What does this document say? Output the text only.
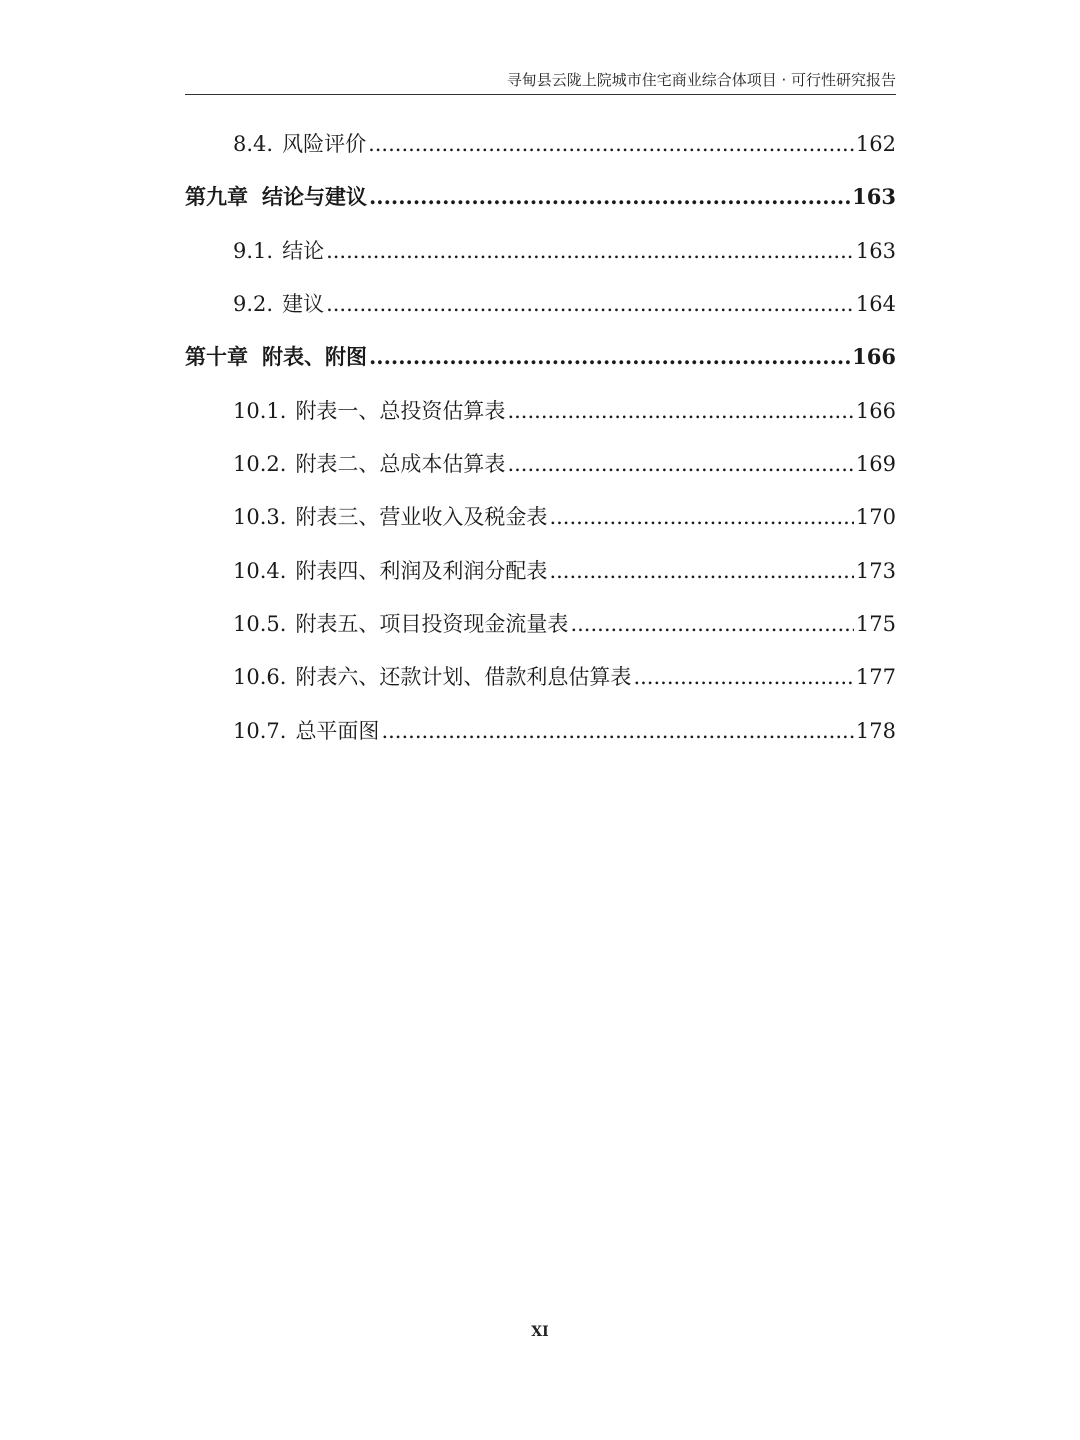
寻甸县云陇上院城市住宅商业综合体项目 · 可行性研究报告
8.4. 风险评价 .....	162
第九章 结论与建议 .....	163
9.1. 结论 .....	163
9.2. 建议 .....	164
第十章 附表、附图 .....	166
10.1. 附表一、总投资估算表 .....	166
10.2. 附表二、总成本估算表 .....	169
10.3. 附表三、营业收入及税金表 .....	170
10.4. 附表四、利润及利润分配表 .....	173
10.5. 附表五、项目投资现金流量表 .....	175
10.6. 附表六、还款计划、借款利息估算表 .....	177
10.7. 总平面图 .....	178
XI
